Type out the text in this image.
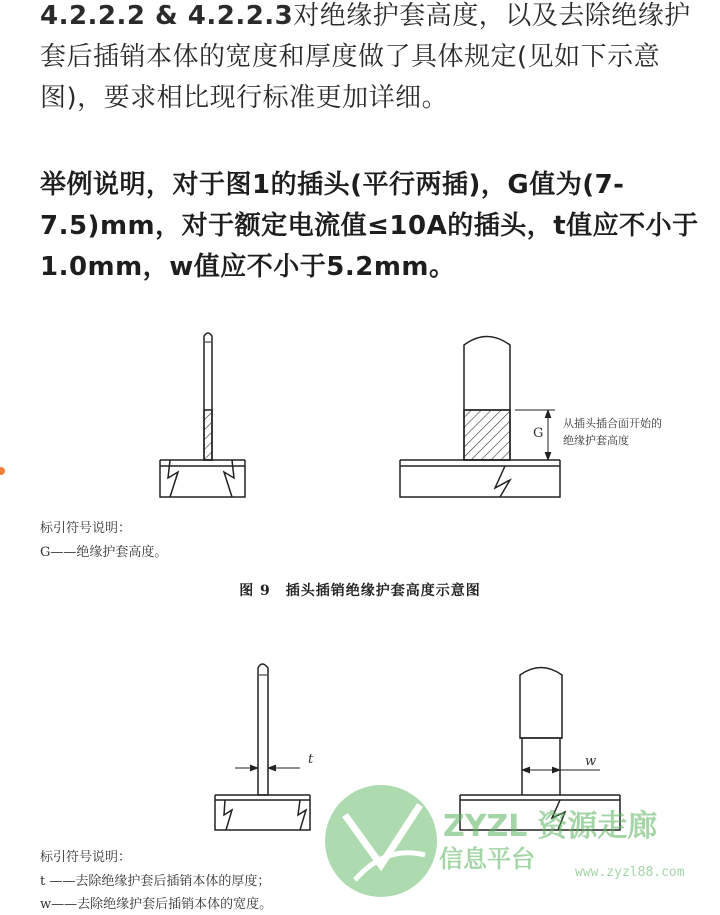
4.2.2.2 & 4.2.2.3对绝缘护套高度，以及去除绝缘护套后插销本体的宽度和厚度做了具体规定(见如下示意图)，要求相比现行标准更加详细。
举例说明，对于图1的插头(平行两插)，G值为(7-7.5)mm，对于额定电流值≤10A的插头，t值应不小于1.0mm，w值应不小于5.2mm。
G
从插头插合面开始的
绝缘护套高度
标引符号说明：
G——绝缘护套高度。
图 9　插头插销绝缘护套高度示意图
t	w
标引符号说明：
t ——去除绝缘护套后插销本体的厚度；
w——去除绝缘护套后插销本体的宽度。
ZYZL 资源走廊
信息平台	www.zyzl88.com
